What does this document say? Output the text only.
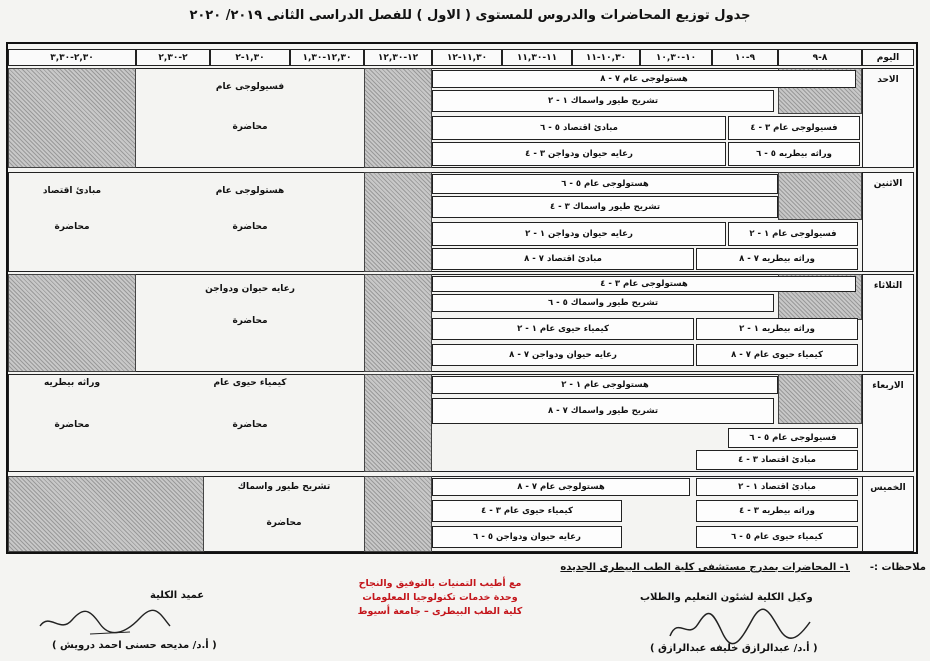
جدول توزيع المحاضرات والدروس للمستوى ( الاول ) للفصل الدراسى الثانى ٢٠١٩/ ٢٠٢٠
اليوم
٨-٩
٩-١٠
١٠-١٠,٣٠
١٠,٣٠-١١
١١-١١,٣٠
١١,٣٠-١٢
١٢-١٢,٣٠
١٢,٣٠-١,٣٠
١,٣٠-٢
٢-٢,٣٠
٢,٣٠-٣,٣٠
الاحد
هستولوجى عام ٧ - ٨
تشريح طيور واسماك ١ - ٢
مبادئ اقتصاد ٥ - ٦
رعايه حيوان ودواجن ٣ - ٤
فسيولوجى عام ٣ - ٤
وراثه بيطريه ٥ - ٦
فسيولوجى عام
محاضرة
الاثنين
هستولوجى عام ٥ - ٦
تشريح طيور واسماك ٣ - ٤
رعايه حيوان ودواجن ١ - ٢
مبادئ اقتصاد ٧ - ٨
فسيولوجى عام ١ - ٢
وراثه بيطريه ٧ - ٨
هستولوجى عام
محاضرة
مبادئ اقتصاد
محاضرة
الثلاثاء
هستولوجى عام ٣ - ٤
تشريح طيور واسماك ٥ - ٦
كيمياء حيوى عام ١ - ٢
رعايه حيوان ودواجن ٧ - ٨
وراثه بيطريه ١ - ٢
كيمياء حيوى عام ٧ - ٨
رعايه حيوان ودواجن
محاضرة
الاربعاء
هستولوجى عام ١ - ٢
تشريح طيور واسماك ٧ - ٨
فسيولوجى عام ٥ - ٦
مبادئ اقتصاد ٣ - ٤
كيمياء حيوى عام
محاضرة
وراثه بيطريه
محاضرة
الخميس
هستولوجى عام ٧ - ٨
كيمياء حيوى عام ٣ - ٤
رعايه حيوان ودواجن ٥ - ٦
مبادئ اقتصاد ١ - ٢
وراثه بيطريه ٣ - ٤
كيمياء حيوى عام ٥ - ٦
تشريح طيور واسماك
محاضرة
ملاحظات :-
١- المحاضرات بمدرج مستشفى كلية الطب البيطرى الجديده
مع أطيب التمنيات بالتوفيق والنجاح
وحدة خدمات تكنولوجيا المعلومات
كلية الطب البيطرى – جامعة أسيوط
عميد الكلية
( أ.د/ مديحه حسنى احمد درويش )
وكيل الكلية لشئون التعليم والطلاب
( أ.د/ عبدالرازق خليفه عبدالرازق )
